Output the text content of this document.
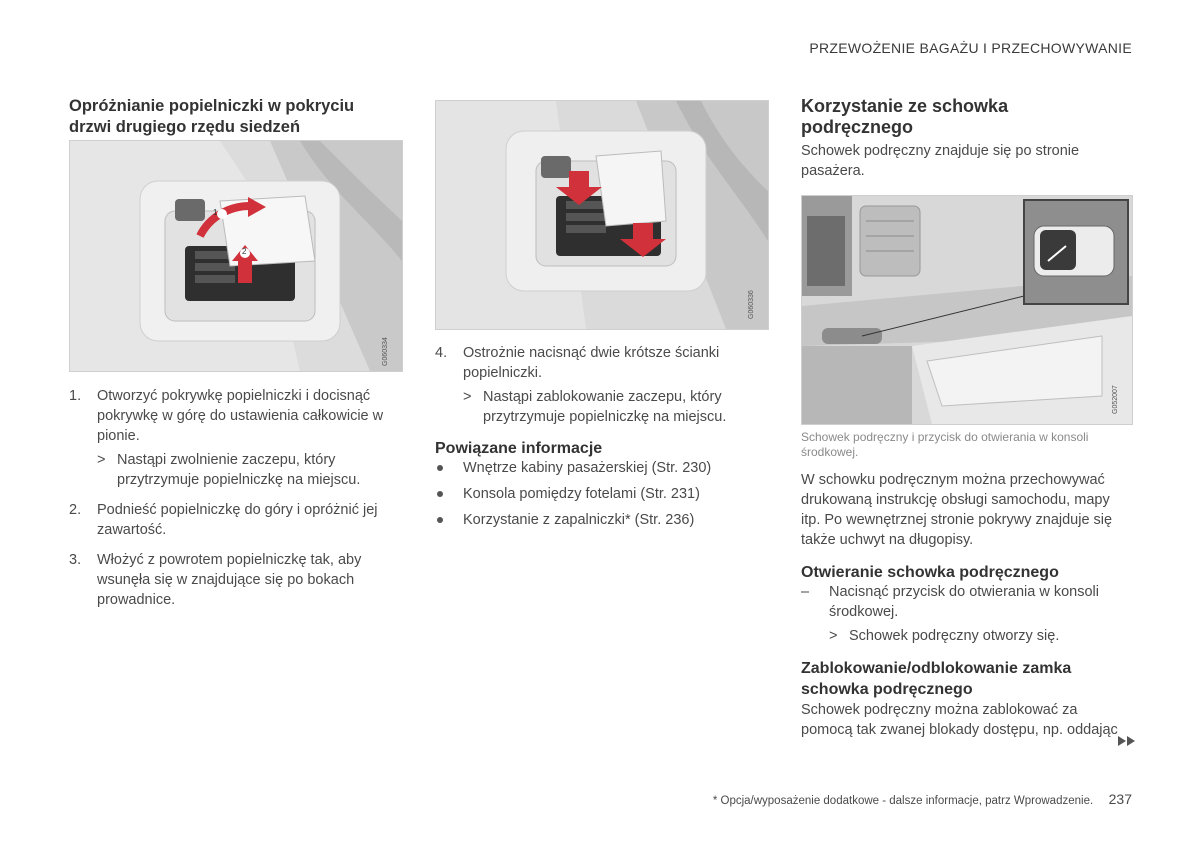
PRZEWOŻENIE BAGAŻU I PRZECHOWYWANIE
Opróżnianie popielniczki w pokryciu drzwi drugiego rzędu siedzeń
1
2
G060334
1. Otworzyć pokrywkę popielniczki i docisnąć pokrywkę w górę do ustawienia całkowicie w pionie.
> Nastąpi zwolnienie zaczepu, który przytrzymuje popielniczkę na miejscu.
2. Podnieść popielniczkę do góry i opróżnić jej zawartość.
3. Włożyć z powrotem popielniczkę tak, aby wsunęła się w znajdujące się po bokach prowadnice.
G060336
4. Ostrożnie nacisnąć dwie krótsze ścianki popielniczki.
> Nastąpi zablokowanie zaczepu, który przytrzymuje popielniczkę na miejscu.
Powiązane informacje
Wnętrze kabiny pasażerskiej (Str. 230)
Konsola pomiędzy fotelami (Str. 231)
Korzystanie z zapalniczki* (Str. 236)
Korzystanie ze schowka podręcznego

Schowek podręczny znajduje się po stronie pasażera.

G052007
Schowek podręczny i przycisk do otwierania w konsoli środkowej.

W schowku podręcznym można przechowywać drukowaną instrukcję obsługi samochodu, mapy itp. Po wewnętrznej stronie pokrywy znajduje się także uchwyt na długopisy.

Otwieranie schowka podręcznego
– Nacisnąć przycisk do otwierania w konsoli środkowej.
> Schowek podręczny otworzy się.
Zablokowanie/odblokowanie zamka schowka podręcznego

Schowek podręczny można zablokować za pomocą tak zwanej blokady dostępu, np. oddając

* Opcja/wyposażenie dodatkowe - dalsze informacje, patrz Wprowadzenie. 237
